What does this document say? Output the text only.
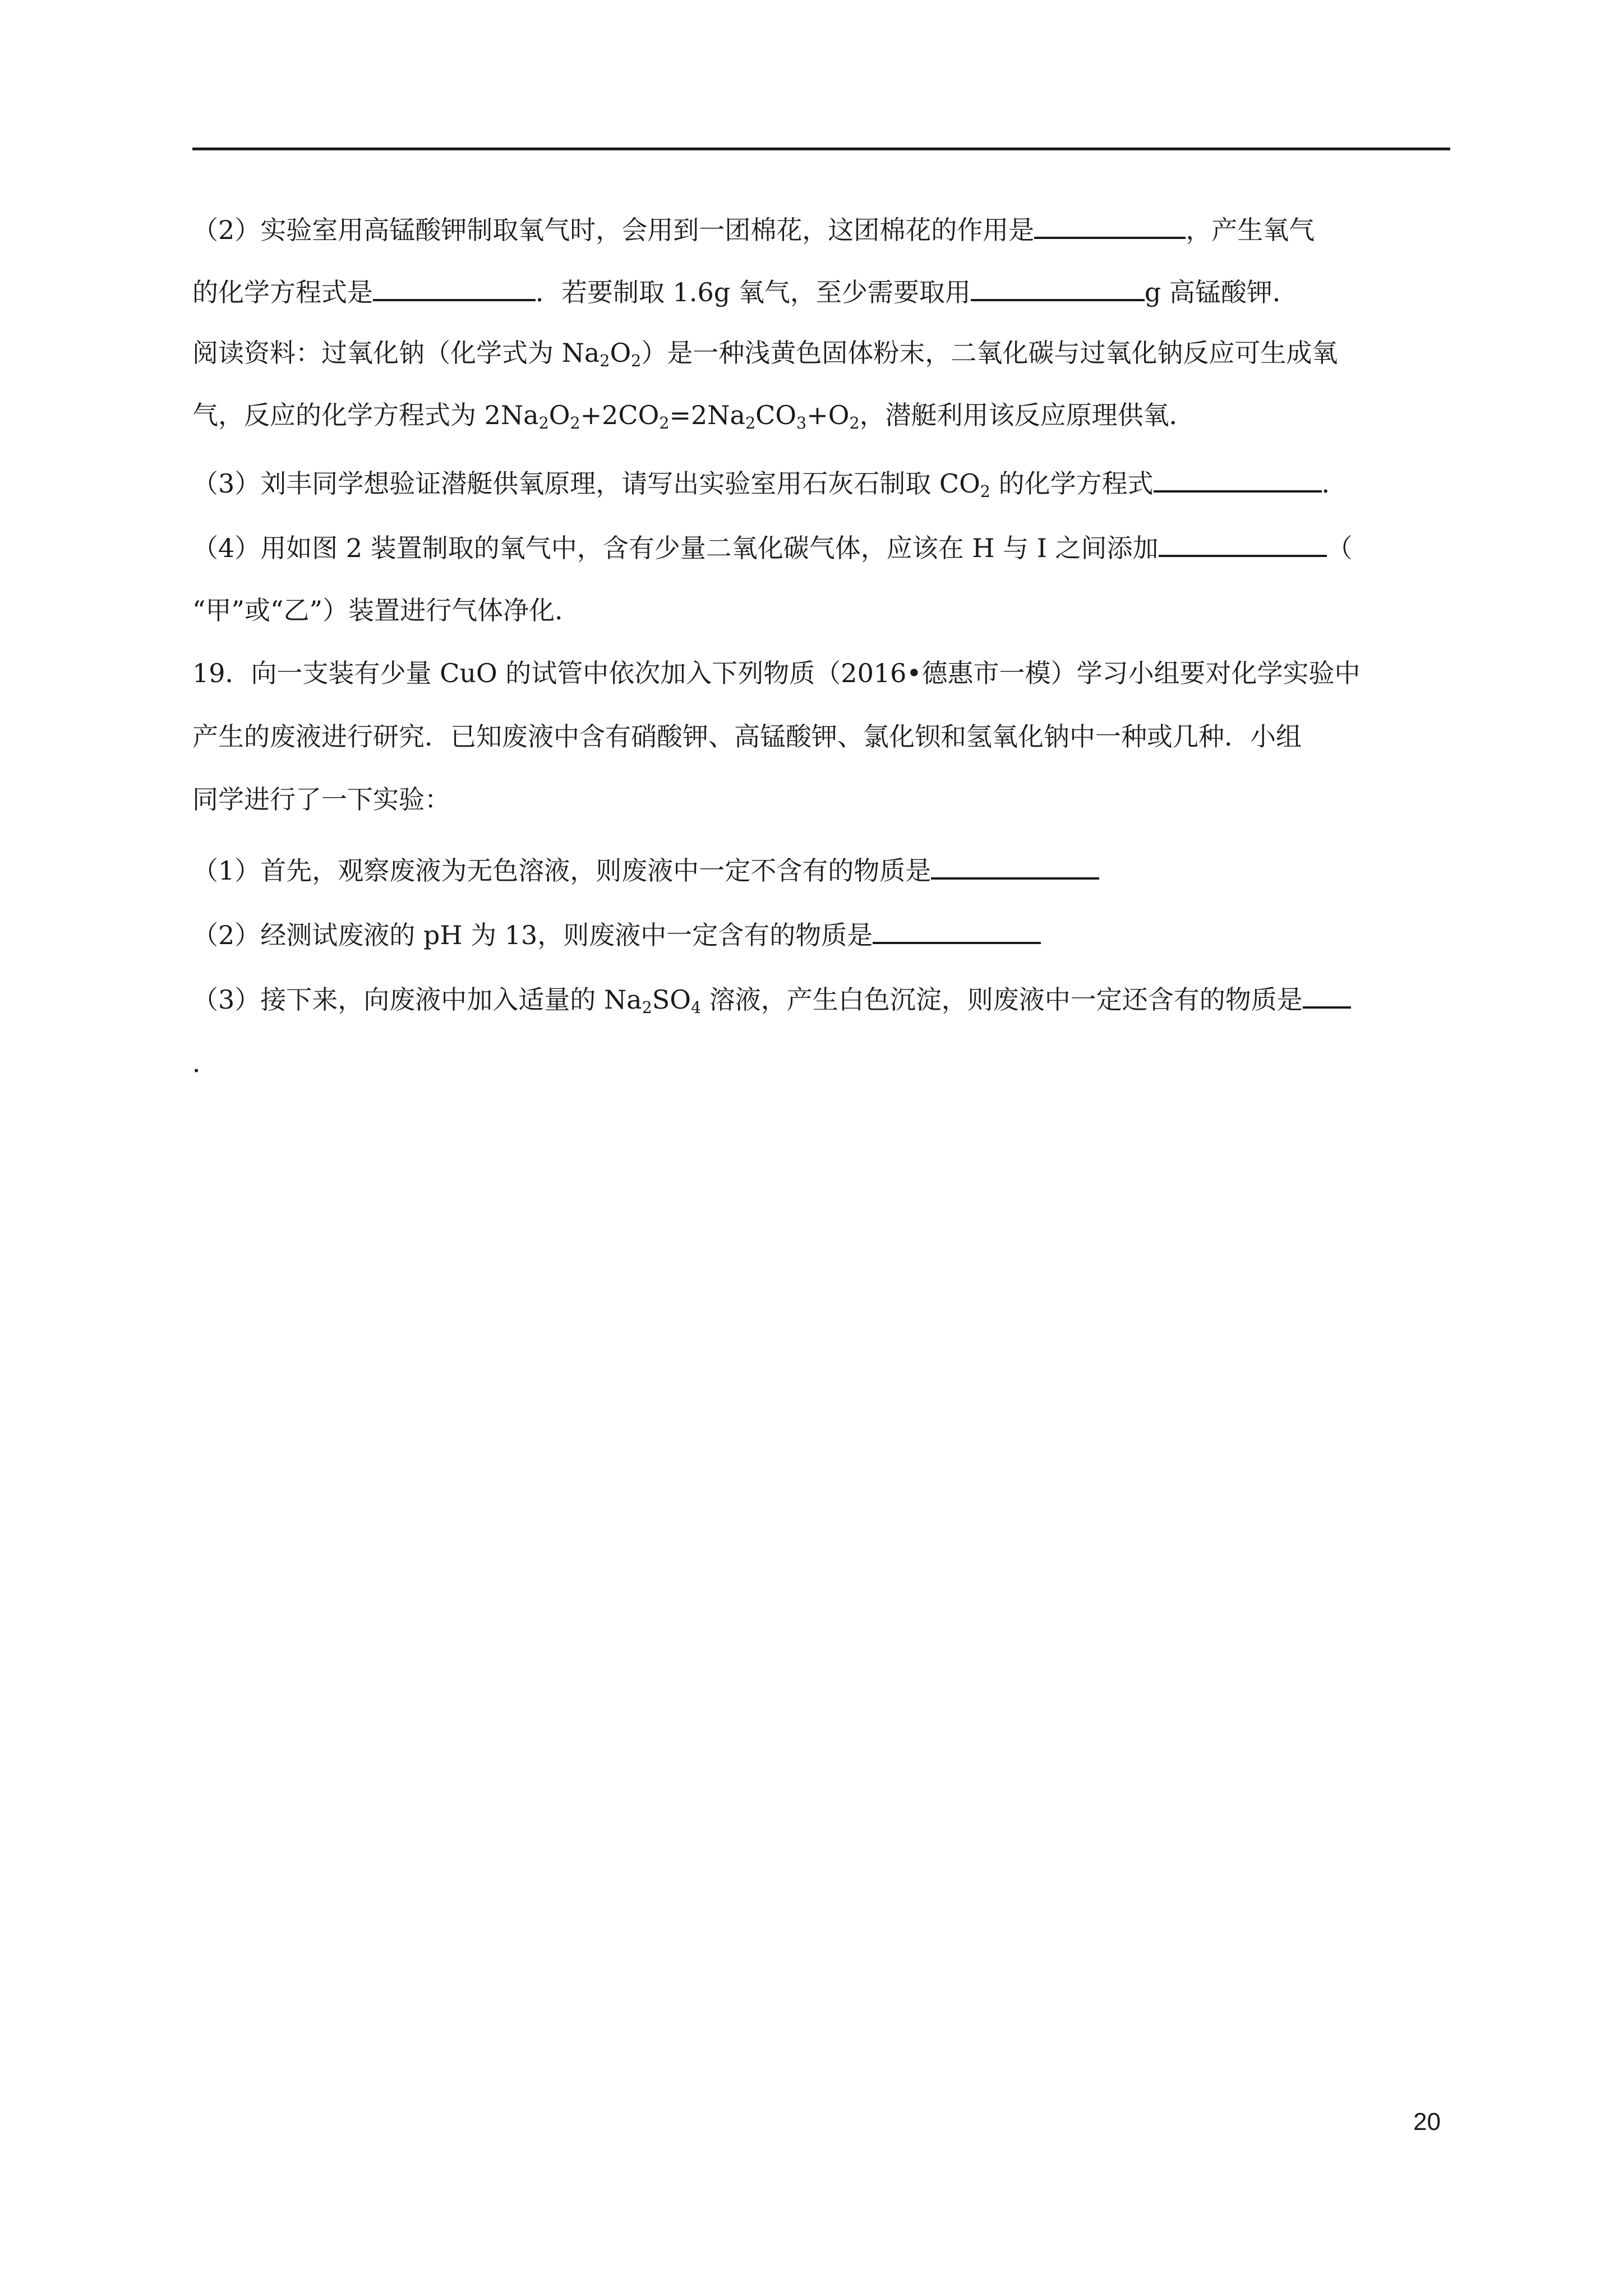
（2）实验室用高锰酸钾制取氧气时，会用到一团棉花，这团棉花的作用是	，产生氧气
的化学方程式是	．若要制取 1.6g 氧气，至少需要取用	g 高锰酸钾．
阅读资料：过氧化钠（化学式为 $Na_2O_2$）是一种浅黄色固体粉末，二氧化碳与过氧化钠反应可生成氧
气，反应的化学方程式为 $2Na_2O_2+2CO_2=2Na_2CO_3+O_2$，潜艇利用该反应原理供氧．
（3）刘丰同学想验证潜艇供氧原理，请写出实验室用石灰石制取 $CO_2$ 的化学方程式	．
（4）用如图 2 装置制取的氧气中，含有少量二氧化碳气体，应该在 H 与 I 之间添加	（
“甲”或“乙”）装置进行气体净化．
19．向一支装有少量 CuO 的试管中依次加入下列物质（2016•德惠市一模）学习小组要对化学实验中
产生的废液进行研究．已知废液中含有硝酸钾、高锰酸钾、氯化钡和氢氧化钠中一种或几种．小组
同学进行了一下实验：
（1）首先，观察废液为无色溶液，则废液中一定不含有的物质是
（2）经测试废液的 pH 为 13，则废液中一定含有的物质是
（3）接下来，向废液中加入适量的 $Na_2SO_4$ 溶液，产生白色沉淀，则废液中一定还含有的物质是
．
20
